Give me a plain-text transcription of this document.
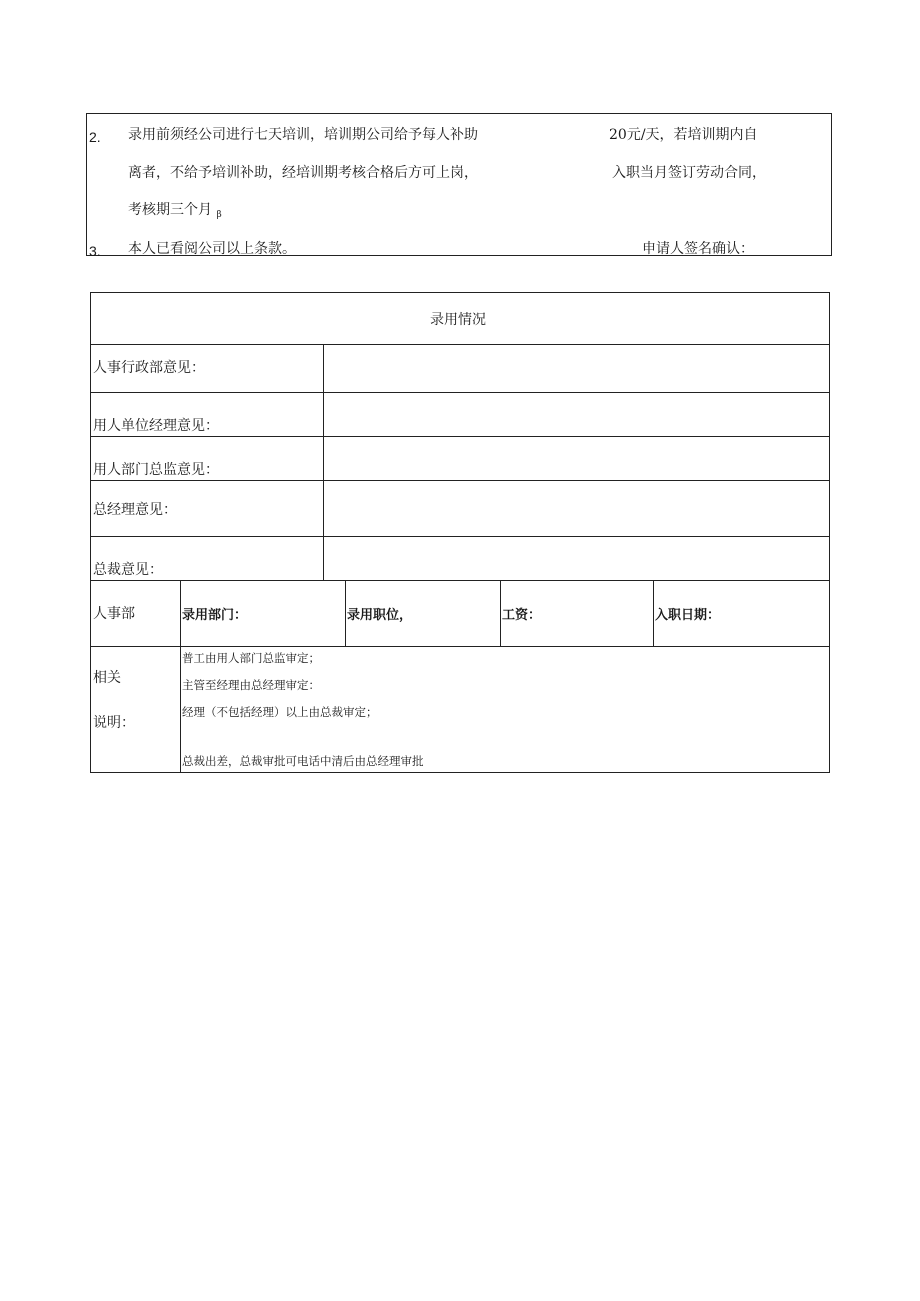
2. 录用前须经公司进行七天培训，培训期公司给予每人补助	20元/天，若培训期内自
离者，不给予培训补助，经培训期考核合格后方可上岗，	入职当月签订劳动合同，
考核期三个月 $_\beta$
3. 本人已看阅公司以上条款。	申请人签名确认：
录用情况
人事行政部意见：
用人单位经理意见：
用人部门总监意见：
总经理意见：
总裁意见：
人事部	录用部门：	录用职位，	工资：	入职日期：
相关
说明：
普工由用人部门总监审定；
主管至经理由总经理审定：
经理（不包括经理）以上由总裁审定；
总裁出差，总裁审批可电话中清后由总经理审批
